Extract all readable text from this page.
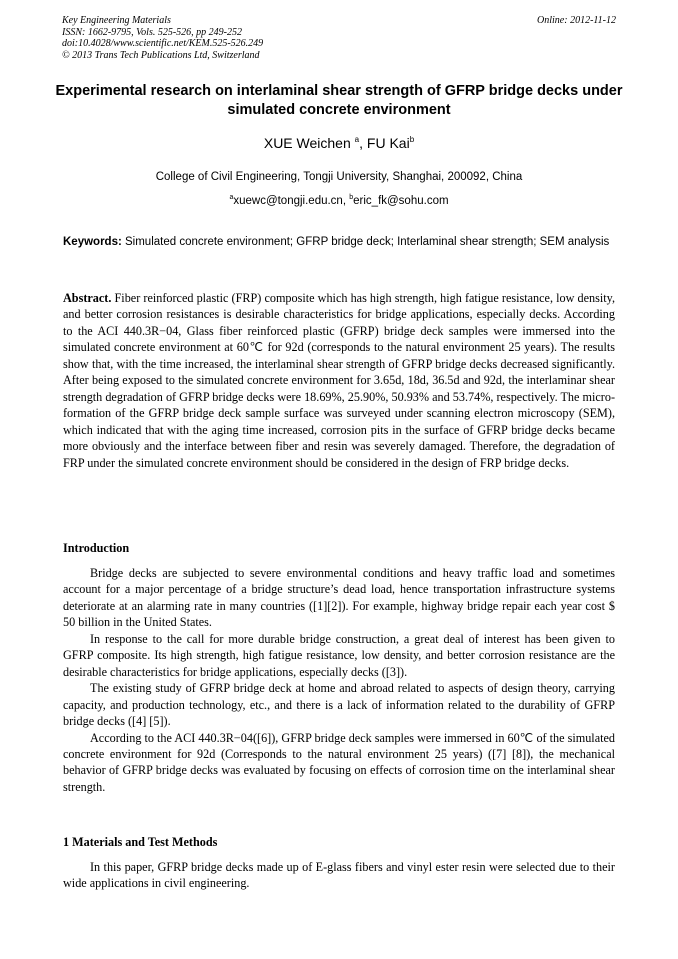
Key Engineering Materials
ISSN: 1662-9795, Vols. 525-526, pp 249-252
doi:10.4028/www.scientific.net/KEM.525-526.249
© 2013 Trans Tech Publications Ltd, Switzerland
Online: 2012-11-12
Experimental research on interlaminal shear strength of GFRP bridge decks under simulated concrete environment
XUE Weichen $^a$, FU Kai$^b$
College of Civil Engineering, Tongji University, Shanghai, 200092, China
$^a$xuewc@tongji.edu.cn, $^b$eric_fk@sohu.com
Keywords: Simulated concrete environment; GFRP bridge deck; Interlaminal shear strength; SEM analysis
Abstract. Fiber reinforced plastic (FRP) composite which has high strength, high fatigue resistance, low density, and better corrosion resistances is desirable characteristics for bridge applications, especially decks. According to the ACI 440.3R−04, Glass fiber reinforced plastic (GFRP) bridge deck samples were immersed into the simulated concrete environment at 60℃ for 92d (corresponds to the natural environment 25 years). The results show that, with the time increased, the interlaminal shear strength of GFRP bridge decks decreased significantly. After being exposed to the simulated concrete environment for 3.65d, 18d, 36.5d and 92d, the interlaminar shear strength degradation of GFRP bridge decks were 18.69%, 25.90%, 50.93% and 53.74%, respectively. The micro-formation of the GFRP bridge deck sample surface was surveyed under scanning electron microscopy (SEM), which indicated that with the aging time increased, corrosion pits in the surface of GFRP bridge decks became more obviously and the interface between fiber and resin was severely damaged. Therefore, the degradation of FRP under the simulated concrete environment should be considered in the design of FRP bridge decks.
Introduction

Bridge decks are subjected to severe environmental conditions and heavy traffic load and sometimes account for a major percentage of a bridge structure’s dead load, hence transportation infrastructure systems deteriorate at an alarming rate in many countries ([1][2]). For example, highway bridge repair each year cost $ 50 billion in the United States.

In response to the call for more durable bridge construction, a great deal of interest has been given to GFRP composite. Its high strength, high fatigue resistance, low density, and better corrosion resistance are the desirable characteristics for bridge applications, especially decks ([3]).

The existing study of GFRP bridge deck at home and abroad related to aspects of design theory, carrying capacity, and production technology, etc., and there is a lack of information related to the durability of GFRP bridge decks ([4] [5]).

According to the ACI 440.3R−04([6]), GFRP bridge deck samples were immersed in 60℃ of the simulated concrete environment for 92d (Corresponds to the natural environment 25 years) ([7] [8]), the mechanical behavior of GFRP bridge decks was evaluated by focusing on effects of corrosion time on the interlaminal shear strength.

1 Materials and Test Methods

In this paper, GFRP bridge decks made up of E-glass fibers and vinyl ester resin were selected due to their wide applications in civil engineering.
